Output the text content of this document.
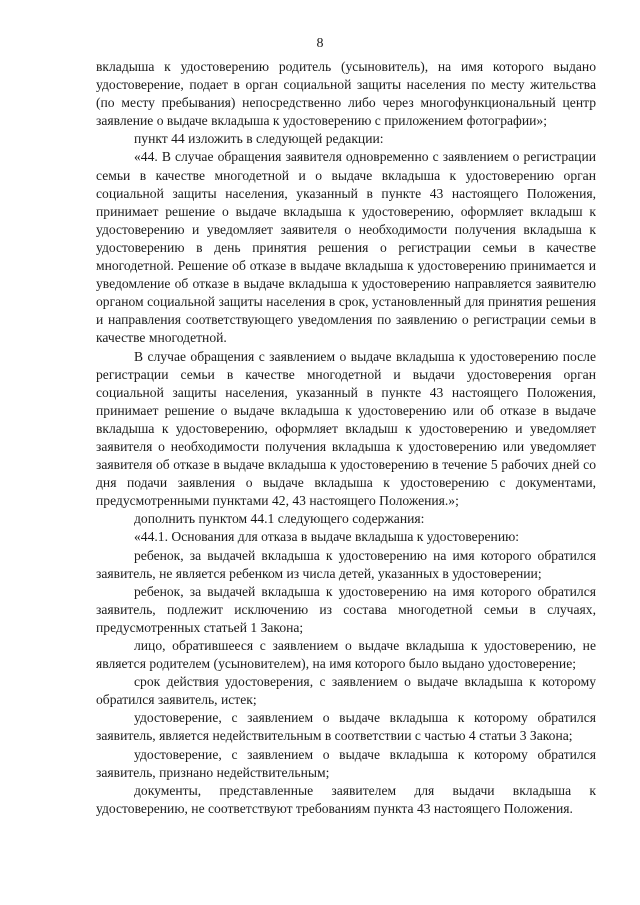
8

вкладыша к удостоверению родитель (усыновитель), на имя которого выдано удостоверение, подает в орган социальной защиты населения по месту жительства (по месту пребывания) непосредственно либо через многофункциональный центр заявление о выдаче вкладыша к удостоверению с приложением фотографии»;

пункт 44 изложить в следующей редакции:

«44. В случае обращения заявителя одновременно с заявлением о регистрации семьи в качестве многодетной и о выдаче вкладыша к удостоверению орган социальной защиты населения, указанный в пункте 43 настоящего Положения, принимает решение о выдаче вкладыша к удостоверению, оформляет вкладыш к удостоверению и уведомляет заявителя о необходимости получения вкладыша к удостоверению в день принятия решения о регистрации семьи в качестве многодетной. Решение об отказе в выдаче вкладыша к удостоверению принимается и уведомление об отказе в выдаче вкладыша к удостоверению направляется заявителю органом социальной защиты населения в срок, установленный для принятия решения и направления соответствующего уведомления по заявлению о регистрации семьи в качестве многодетной.

В случае обращения с заявлением о выдаче вкладыша к удостоверению после регистрации семьи в качестве многодетной и выдачи удостоверения орган социальной защиты населения, указанный в пункте 43 настоящего Положения, принимает решение о выдаче вкладыша к удостоверению или об отказе в выдаче вкладыша к удостоверению, оформляет вкладыш к удостоверению и уведомляет заявителя о необходимости получения вкладыша к удостоверению или уведомляет заявителя об отказе в выдаче вкладыша к удостоверению в течение 5 рабочих дней со дня подачи заявления о выдаче вкладыша к удостоверению с документами, предусмотренными пунктами 42, 43 настоящего Положения.»;

дополнить пунктом 44.1 следующего содержания:

«44.1. Основания для отказа в выдаче вкладыша к удостоверению:

ребенок, за выдачей вкладыша к удостоверению на имя которого обратился заявитель, не является ребенком из числа детей, указанных в удостоверении;

ребенок, за выдачей вкладыша к удостоверению на имя которого обратился заявитель, подлежит исключению из состава многодетной семьи в случаях, предусмотренных статьей 1 Закона;

лицо, обратившееся с заявлением о выдаче вкладыша к удостоверению, не является родителем (усыновителем), на имя которого было выдано удостоверение;

срок действия удостоверения, с заявлением о выдаче вкладыша к которому обратился заявитель, истек;

удостоверение, с заявлением о выдаче вкладыша к которому обратился заявитель, является недействительным в соответствии с частью 4 статьи 3 Закона;

удостоверение, с заявлением о выдаче вкладыша к которому обратился заявитель, признано недействительным;

документы, представленные заявителем для выдачи вкладыша к удостоверению, не соответствуют требованиям пункта 43 настоящего Положения.
